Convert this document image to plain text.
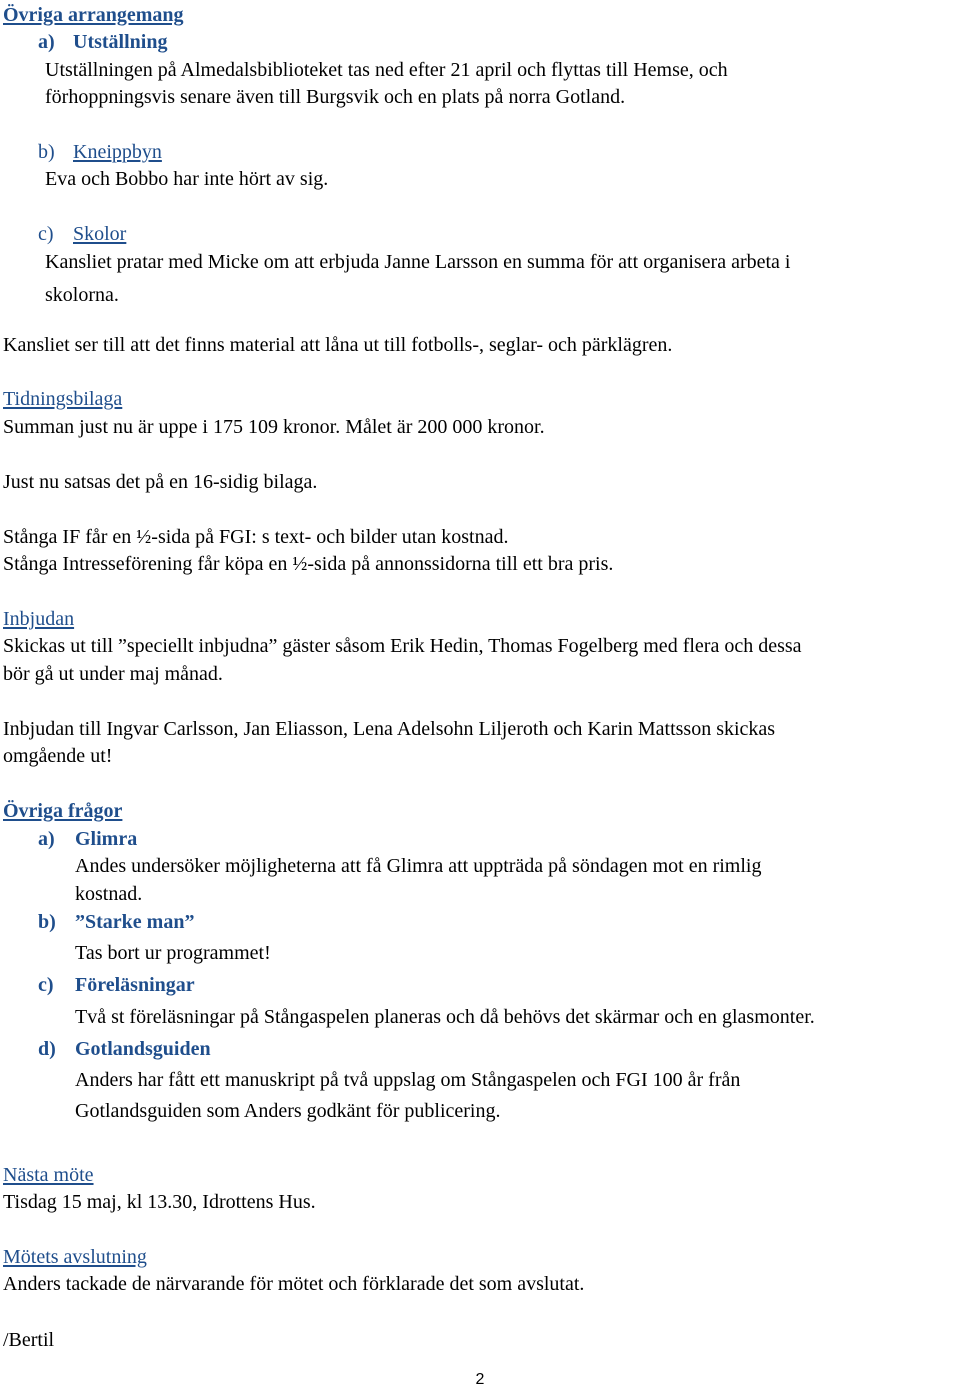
Övriga arrangemang
a) Utställning
Utställningen på Almedalsbiblioteket tas ned efter 21 april och flyttas till Hemse, och
förhoppningsvis senare även till Burgsvik och en plats på norra Gotland.
b) Kneippbyn
Eva och Bobbo har inte hört av sig.
c) Skolor
Kansliet pratar med Micke om att erbjuda Janne Larsson en summa för att organisera arbeta i
skolorna.
Kansliet ser till att det finns material att låna ut till fotbolls-, seglar- och pärklägren.
Tidningsbilaga
Summan just nu är uppe i 175 109 kronor. Målet är 200 000 kronor.
Just nu satsas det på en 16-sidig bilaga.
Stånga IF får en ½-sida på FGI: s text- och bilder utan kostnad.
Stånga Intresseförening får köpa en ½-sida på annonssidorna till ett bra pris.
Inbjudan
Skickas ut till ”speciellt inbjudna” gäster såsom Erik Hedin, Thomas Fogelberg med flera och dessa
bör gå ut under maj månad.
Inbjudan till Ingvar Carlsson, Jan Eliasson, Lena Adelsohn Liljeroth och Karin Mattsson skickas
omgående ut!
Övriga frågor
a) Glimra
Andes undersöker möjligheterna att få Glimra att uppträda på söndagen mot en rimlig
kostnad.
b) ”Starke man”
Tas bort ur programmet!
c) Föreläsningar
Två st föreläsningar på Stångaspelen planeras och då behövs det skärmar och en glasmonter.
d) Gotlandsguiden
Anders har fått ett manuskript på två uppslag om Stångaspelen och FGI 100 år från
Gotlandsguiden som Anders godkänt för publicering.
Nästa möte
Tisdag 15 maj, kl 13.30, Idrottens Hus.
Mötets avslutning
Anders tackade de närvarande för mötet och förklarade det som avslutat.
/Bertil
2
